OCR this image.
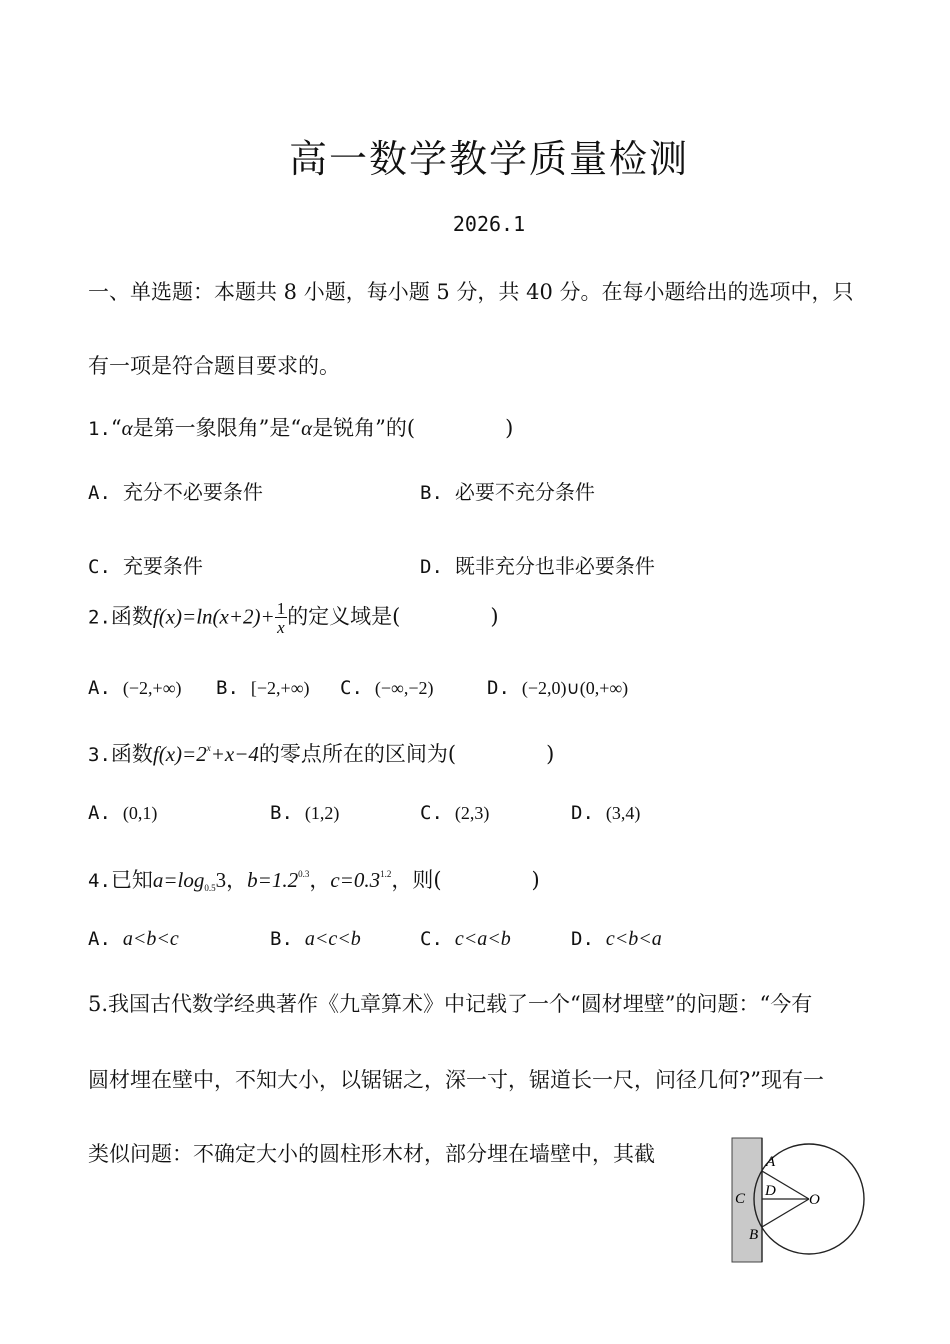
高一数学教学质量检测
2026.1
一、单选题：本题共 8 小题，每小题 5 分，共 40 分。在每小题给出的选项中，只
有一项是符合题目要求的。
1.“α是第一象限角”是“α是锐角”的(	)
A. 充分不必要条件	B. 必要不充分条件
C. 充要条件	D. 既非充分也非必要条件
2.函数$f(x)=\ln(x+2)+ \frac{1}{x}$ 的定义域是(	)
A. (−2,+∞) B. [−2,+∞) C. (−∞,−2)	D. (−2,0)∪(0,+∞)
3.函数$f(x)=2^x+x-4$的零点所在的区间为(	)
A. (0,1)	B. (1,2)	C. (2,3)	D. (3,4)
4.已知$a=\log_{0.5}3$，$b=1.2^{0.3}$，$c=0.3^{1.2}$，则(	)
A. a<b<c	B. a<c<b	C. c<a<b	D. c<b<a
5.我国古代数学经典著作《九章算术》中记载了一个“圆材埋壁”的问题：“今有
圆材埋在壁中，不知大小，以锯锯之，深一寸，锯道长一尺，问径几何?”现有一
类似问题：不确定大小的圆柱形木材，部分埋在墙壁中，其截	A
B
C D
O
